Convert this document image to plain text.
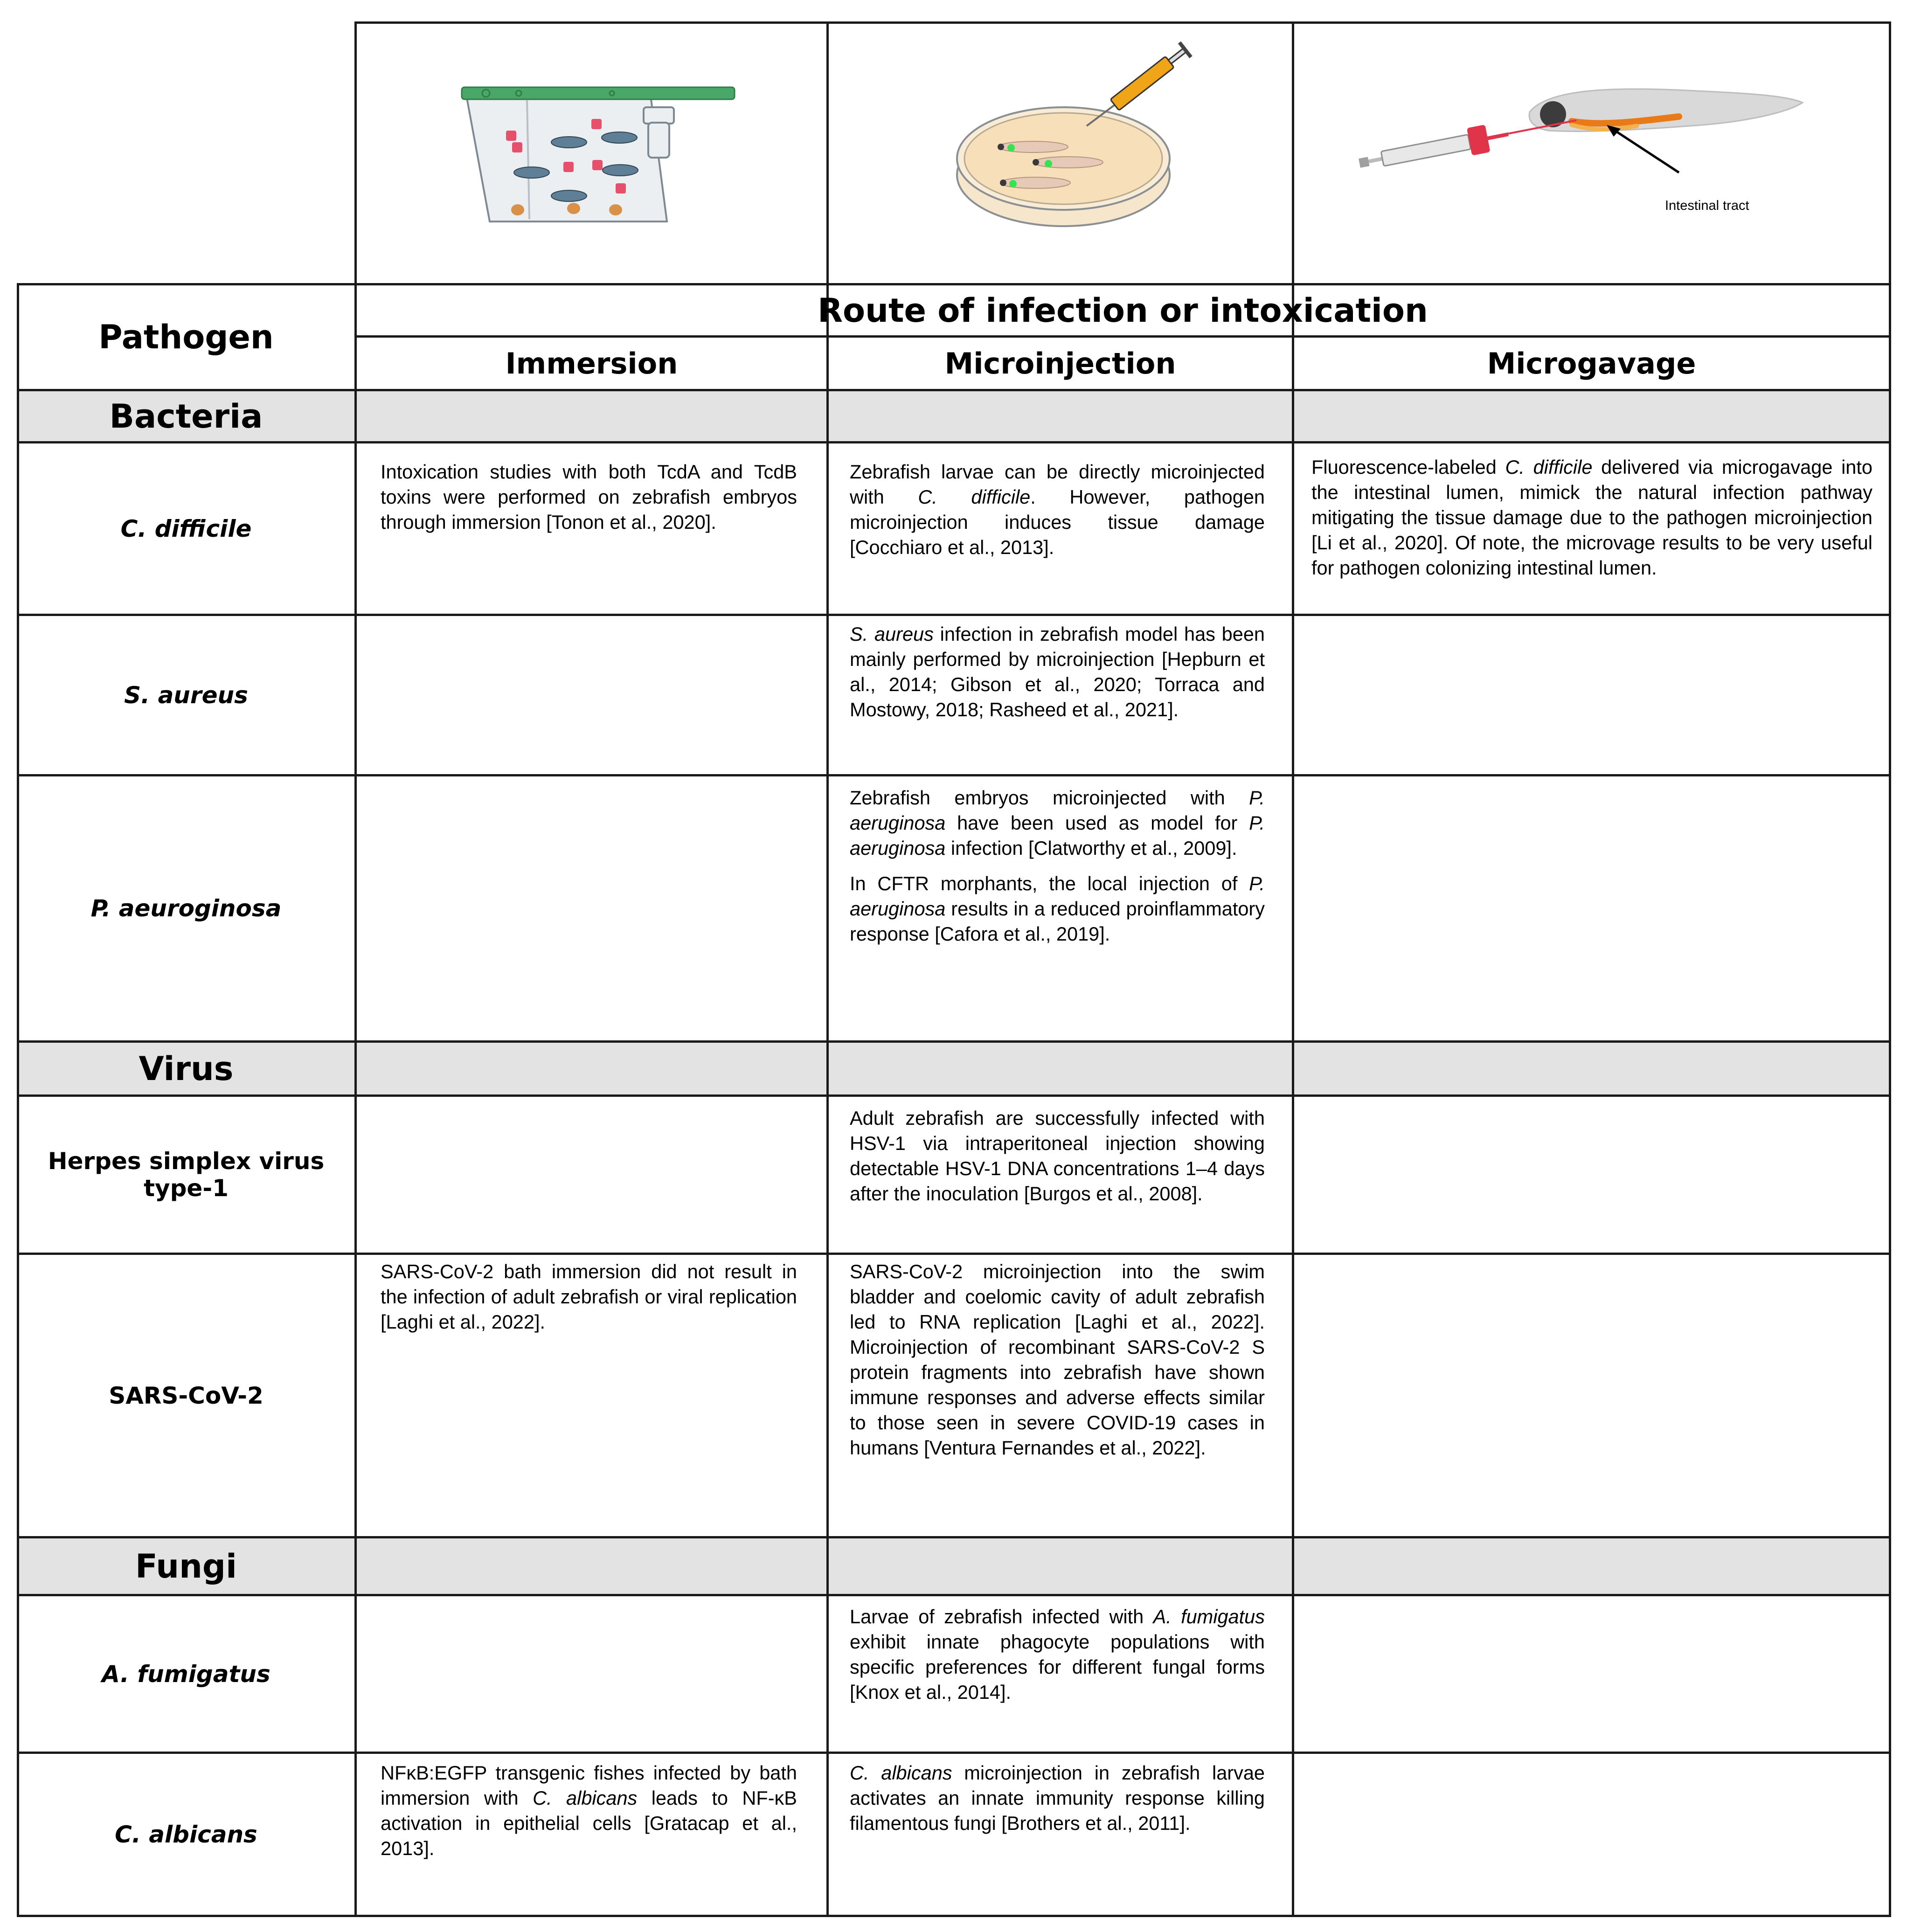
Intestinal tract
Pathogen
Route of infection or intoxication
Immersion	Microinjection	Microgavage
Bacteria
Virus
Fungi
C. difficile

Intoxication studies with both TcdA and TcdB toxins were performed on zebrafish embryos through immersion [Tonon et al., 2020].

Zebrafish larvae can be directly microinjected with C. difficile. However, pathogen microinjection induces tissue damage [Cocchiaro et al., 2013].

Fluorescence-labeled C. difficile delivered via microgavage into the intestinal lumen, mimick the natural infection pathway mitigating the tissue damage due to the pathogen microinjection [Li et al., 2020]. Of note, the microvage results to be very useful for pathogen colonizing intestinal lumen.

S. aureus

S. aureus infection in zebrafish model has been mainly performed by microinjection [Hepburn et al., 2014; Gibson et al., 2020; Torraca and Mostowy, 2018; Rasheed et al., 2021].

P. aeuroginosa

Zebrafish embryos microinjected with P. aeruginosa have been used as model for P. aeruginosa infection [Clatworthy et al., 2009].

In CFTR morphants, the local injection of P. aeruginosa results in a reduced proinflammatory response [Cafora et al., 2019].

Herpes simplex virus type-1

Adult zebrafish are successfully infected with HSV-1 via intraperitoneal injection showing detectable HSV-1 DNA concentrations 1–4 days after the inoculation [Burgos et al., 2008].

SARS-CoV-2

SARS-CoV-2 bath immersion did not result in the infection of adult zebrafish or viral replication [Laghi et al., 2022].

SARS-CoV-2 microinjection into the swim bladder and coelomic cavity of adult zebrafish led to RNA replication [Laghi et al., 2022]. Microinjection of recombinant SARS-CoV-2 S protein fragments into zebrafish have shown immune responses and adverse effects similar to those seen in severe COVID-19 cases in humans [Ventura Fernandes et al., 2022].

A. fumigatus

Larvae of zebrafish infected with A. fumigatus exhibit innate phagocyte populations with specific preferences for different fungal forms [Knox et al., 2014].

C. albicans

NFκB:EGFP transgenic fishes infected by bath immersion with C. albicans leads to NF-κB activation in epithelial cells [Gratacap et al., 2013].

C. albicans microinjection in zebrafish larvae activates an innate immunity response killing filamentous fungi [Brothers et al., 2011].
